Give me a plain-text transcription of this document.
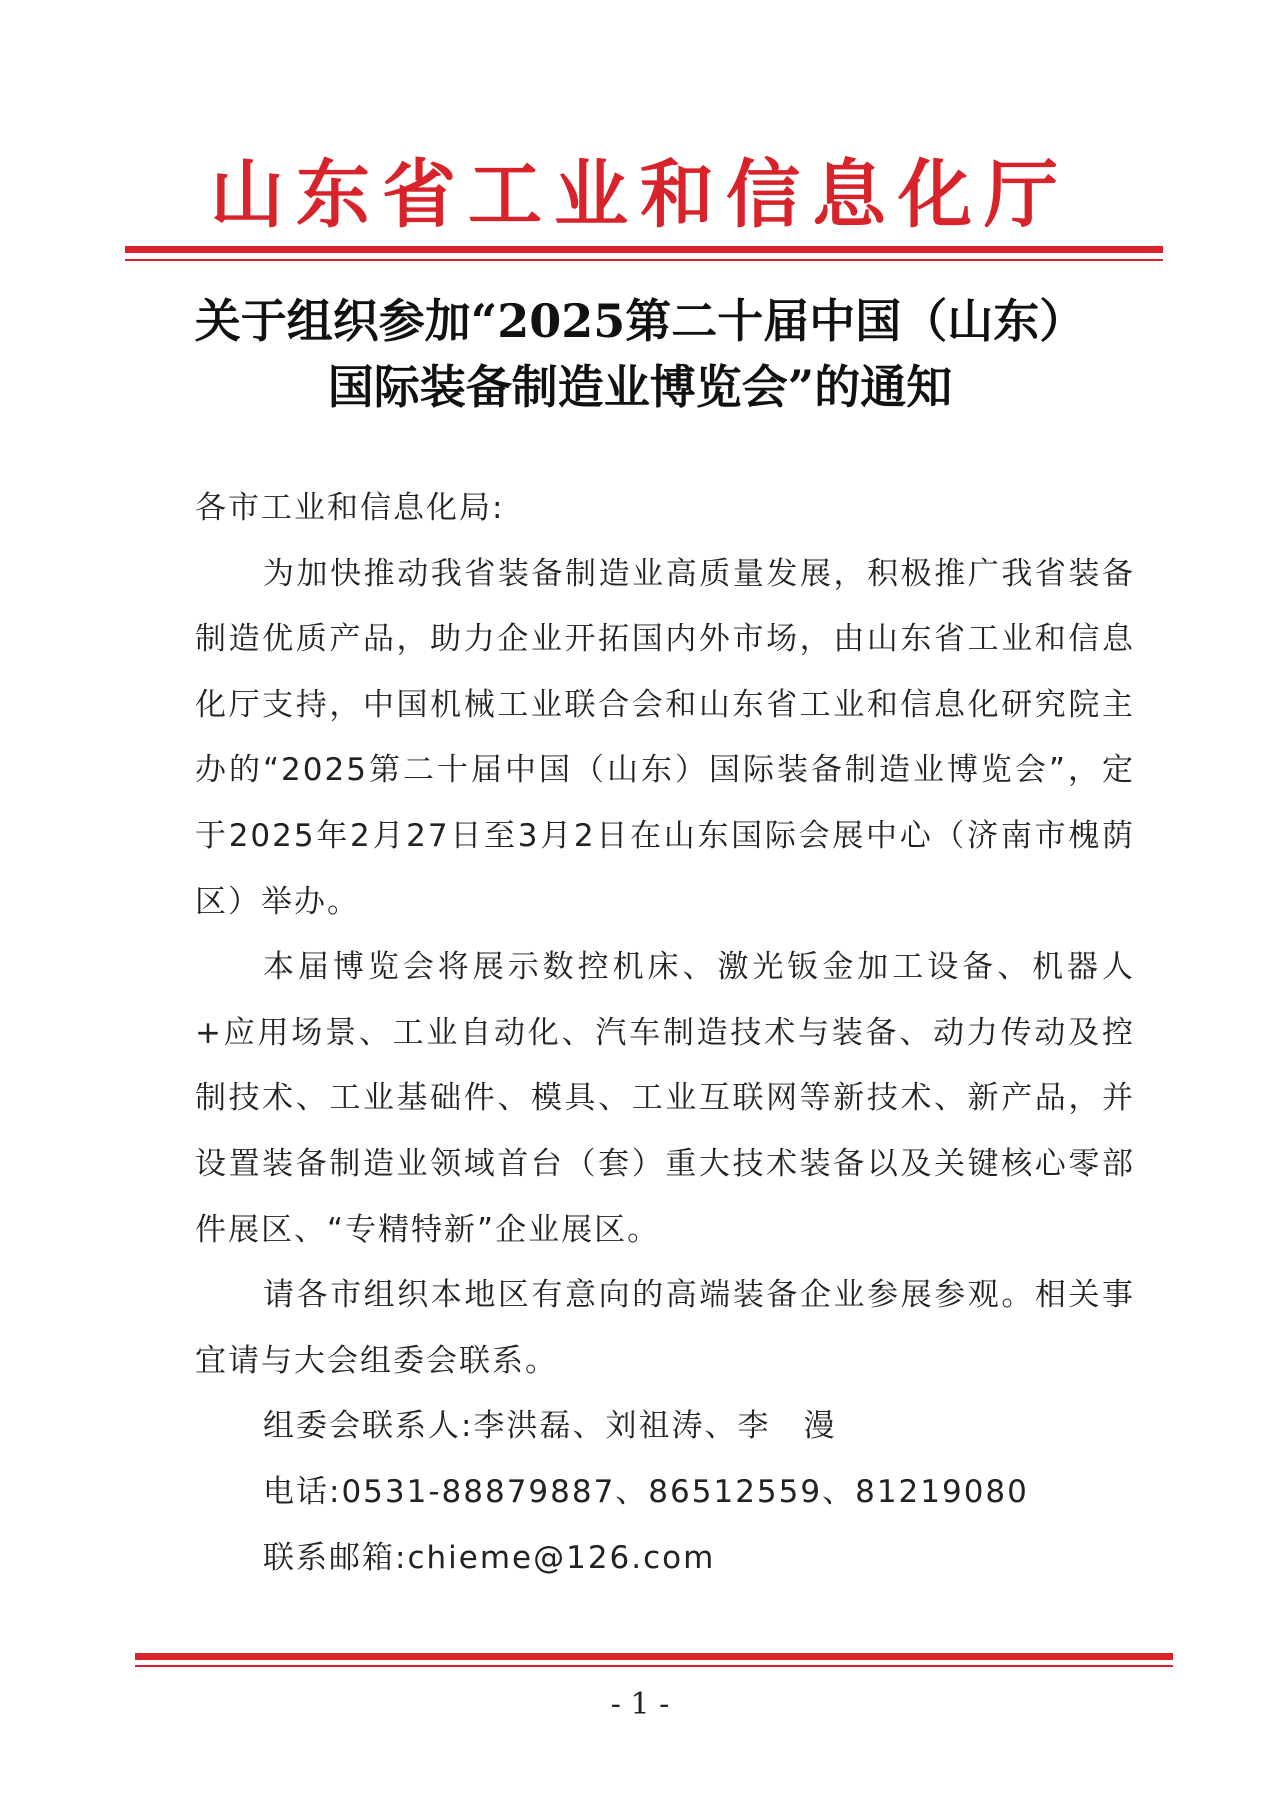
山东省工业和信息化厅
关于组织参加“2025第二十届中国（山东）
国际装备制造业博览会”的通知

各市工业和信息化局:

为加快推动我省装备制造业高质量发展，积极推广我省装备制造优质产品，助力企业开拓国内外市场，由山东省工业和信息化厅支持，中国机械工业联合会和山东省工业和信息化研究院主办的“2025第二十届中国（山东）国际装备制造业博览会”，定于2025年2月27日至3月2日在山东国际会展中心（济南市槐荫区）举办。

本届博览会将展示数控机床、激光钣金加工设备、机器人+应用场景、工业自动化、汽车制造技术与装备、动力传动及控制技术、工业基础件、模具、工业互联网等新技术、新产品，并设置装备制造业领域首台（套）重大技术装备以及关键核心零部件展区、“专精特新”企业展区。

请各市组织本地区有意向的高端装备企业参展参观。相关事宜请与大会组委会联系。

组委会联系人:李洪磊、刘祖涛、李　漫

电话:0531-88879887、86512559、81219080

联系邮箱:chieme@126.com

- 1 -
